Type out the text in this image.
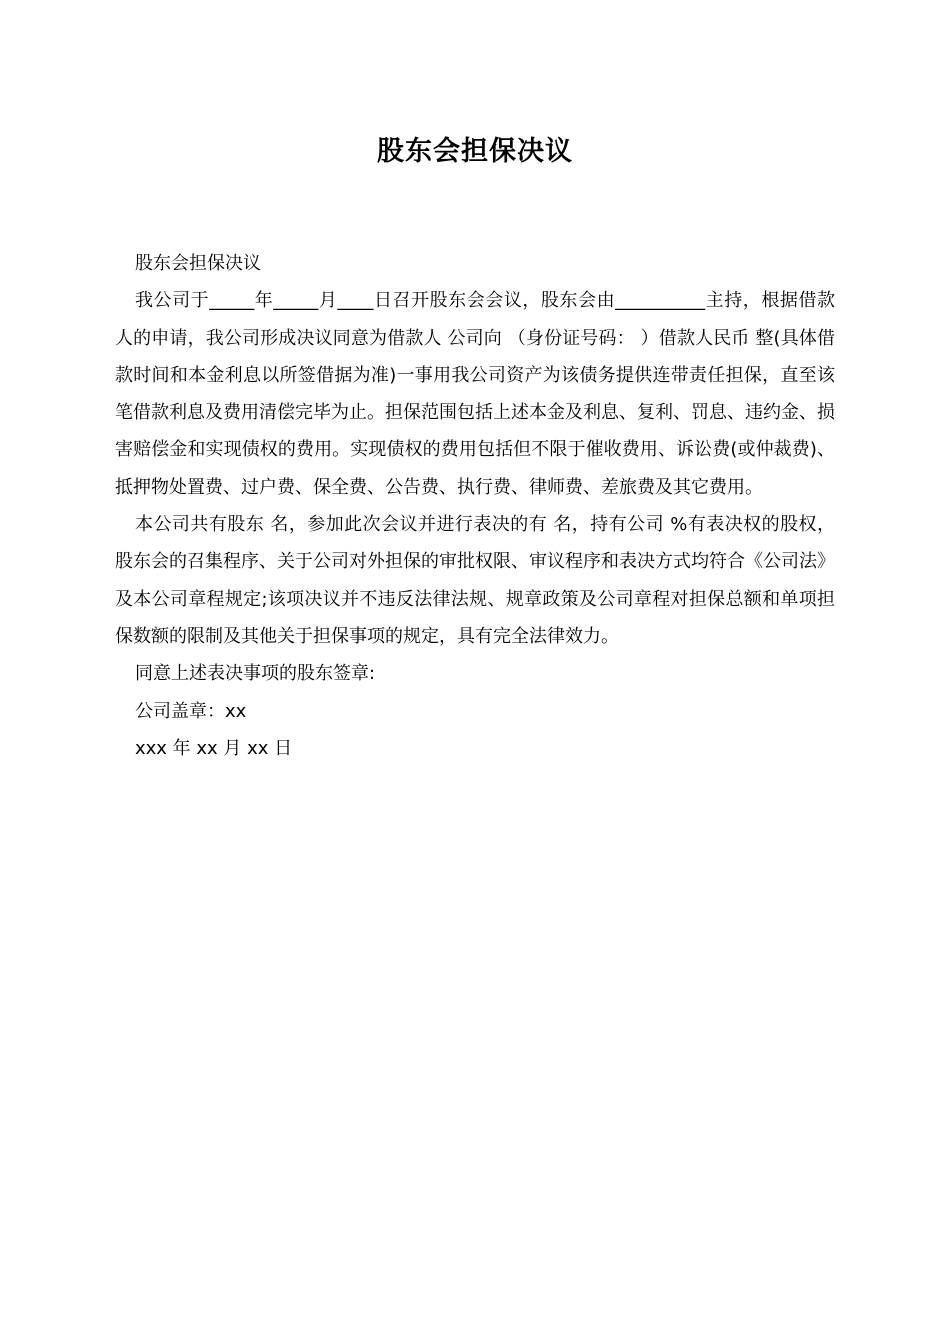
股东会担保决议

股东会担保决议

我公司于_____年_____月____日召开股东会会议，股东会由__________主持，根据借款人的申请，我公司形成决议同意为借款人 公司向 （身份证号码： ）借款人民币 整(具体借款时间和本金利息以所签借据为准)一事用我公司资产为该债务提供连带责任担保，直至该笔借款利息及费用清偿完毕为止。担保范围包括上述本金及利息、复利、罚息、违约金、损害赔偿金和实现债权的费用。实现债权的费用包括但不限于催收费用、诉讼费(或仲裁费)、抵押物处置费、过户费、保全费、公告费、执行费、律师费、差旅费及其它费用。

本公司共有股东 名，参加此次会议并进行表决的有 名，持有公司 %有表决权的股权，股东会的召集程序、关于公司对外担保的审批权限、审议程序和表决方式均符合《公司法》及本公司章程规定;该项决议并不违反法律法规、规章政策及公司章程对担保总额和单项担保数额的限制及其他关于担保事项的规定，具有完全法律效力。

同意上述表决事项的股东签章:

公司盖章：xx

xxx 年 xx 月 xx 日
